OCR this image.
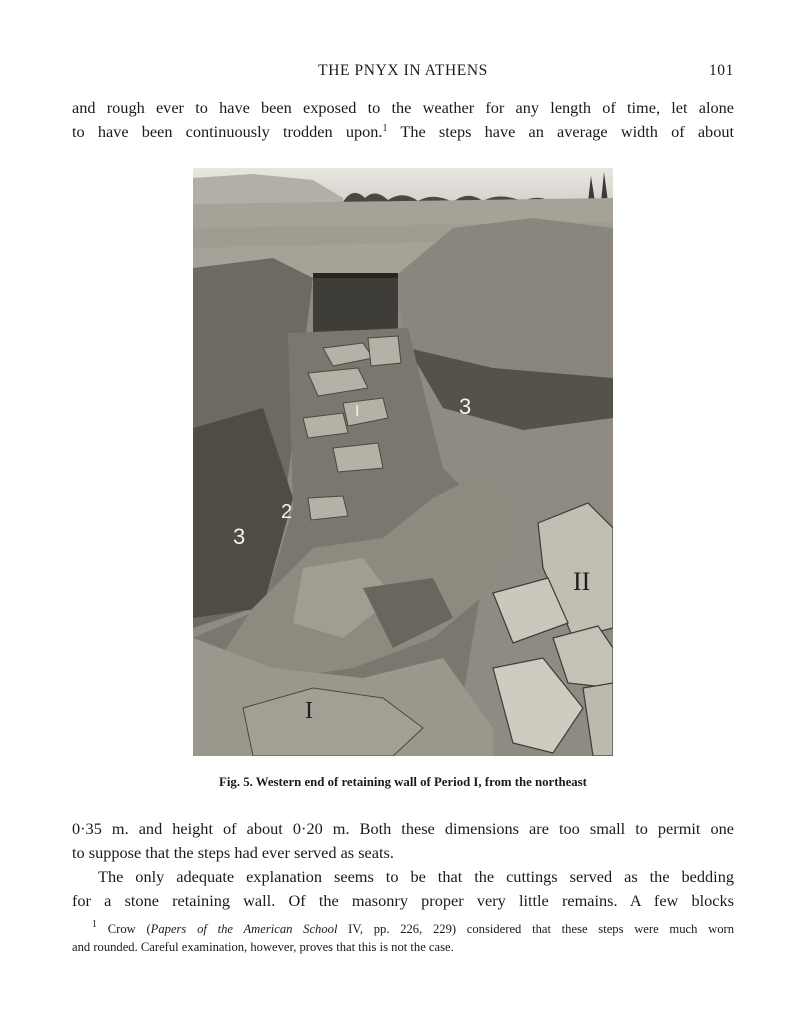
THE PNYX IN ATHENS	101
and rough ever to have been exposed to the weather for any length of time, let alone
to have been continuously trodden upon.$^1$ The steps have an average width of about
I	3
2
3
II
I
Fig. 5. Western end of retaining wall of Period I, from the northeast
0·35 m. and height of about 0·20 m. Both these dimensions are too small to permit one
to suppose that the steps had ever served as seats.
The only adequate explanation seems to be that the cuttings served as the bedding
for a stone retaining wall. Of the masonry proper very little remains. A few blocks
$^1$ Crow (Papers of the American School IV, pp. 226, 229) considered that these steps were much worn
and rounded. Careful examination, however, proves that this is not the case.
